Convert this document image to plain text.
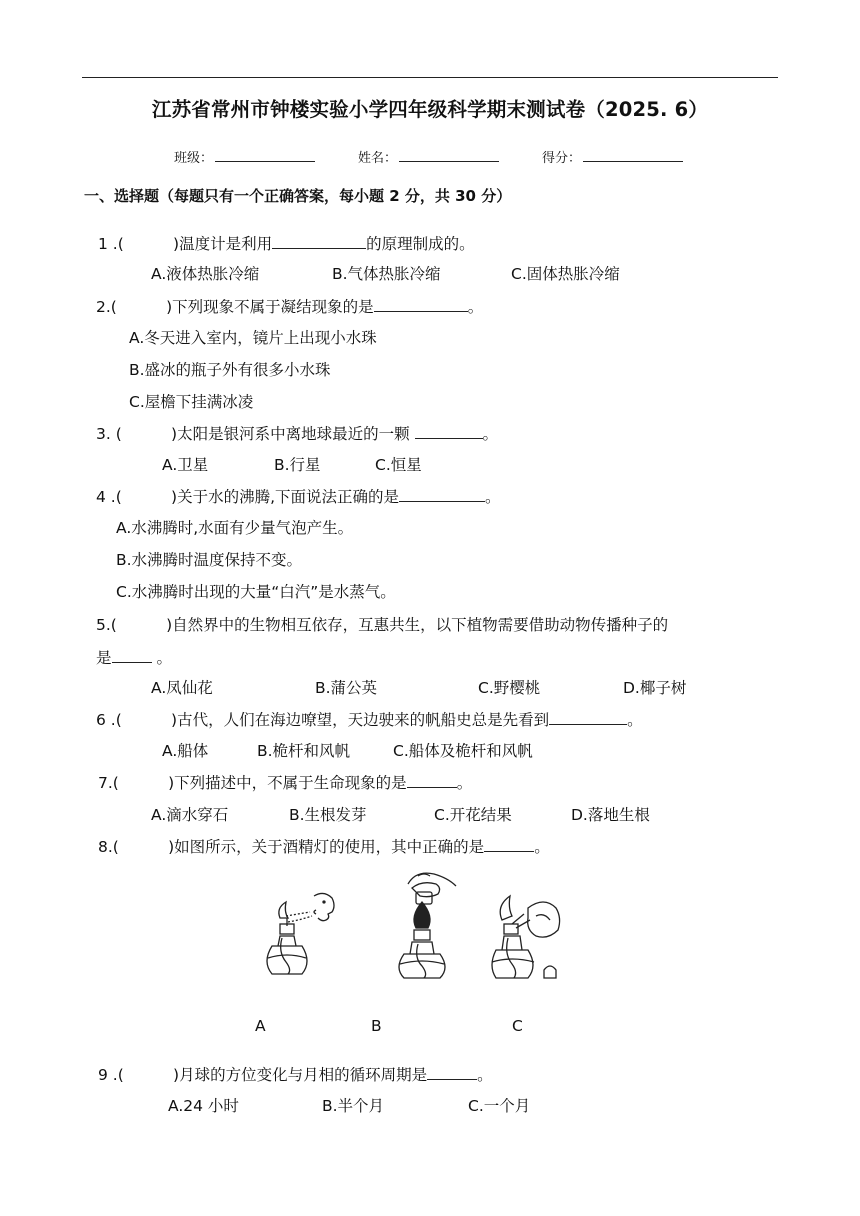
江苏省常州市钟楼实验小学四年级科学期末测试卷（2025. 6）
班级：	姓名：	得分：
一、选择题（每题只有一个正确答案，每小题 2 分，共 30 分）
1 .(          )温度计是利用	的原理制成的。
A.液体热胀冷缩	B.气体热胀冷缩	C.固体热胀冷缩
2.(          )下列现象不属于凝结现象的是	。
A.冬天进入室内，镜片上出现小水珠
B.盛冰的瓶子外有很多小水珠
C.屋檐下挂满冰凌
3. (          )太阳是银河系中离地球最近的一颗	。
A.卫星	B.行星	C.恒星
4 .(          )关于水的沸腾,下面说法正确的是	。
A.水沸腾时,水面有少量气泡产生。
B.水沸腾时温度保持不变。
C.水沸腾时出现的大量“白汽”是水蒸气。
5.(          )自然界中的生物相互依存，互惠共生，以下植物需要借助动物传播种子的
是	。
A.凤仙花	B.蒲公英	C.野樱桃	D.椰子树
6 .(          )古代，人们在海边嘹望，天边驶来的帆船史总是先看到	。
A.船体	B.桅杆和风帆	C.船体及桅杆和风帆
7.(          )下列描述中，不属于生命现象的是	。
A.滴水穿石	B.生根发芽	C.开花结果	D.落地生根
8.(          )如图所示，关于酒精灯的使用，其中正确的是	。
A	B	C
9 .(          )月球的方位变化与月相的循环周期是	。
A.24 小时	B.半个月	C.一个月
